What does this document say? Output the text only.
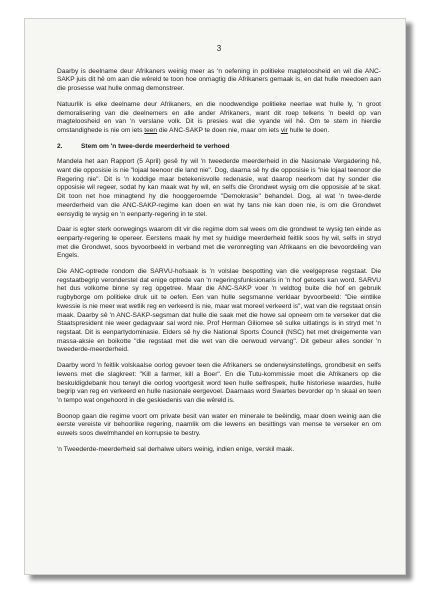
3

Daarby is deelname deur Afrikaners weinig meer as 'n oefening in politieke magteloosheid en wil die ANC-SAKP juis dit hê om aan die wêreld te toon hoe onmagtig die Afrikaners gemaak is, en dat hulle meedoen aan die prosesse wat hulle onmag demonstreer.

Natuurlik is elke deelname deur Afrikaners, en die noodwendige politieke neerlae wat hulle ly, 'n groot demoralisering van die deelnemers en alle ander Afrikaners, want dit roep telkens 'n beeld op van magteloosheid en van 'n verslane volk. Dit is presies wat die vyande wil hê. Om te stem in hierdie omstandighede is nie om iets teen die ANC-SAKP te doen nie, maar om iets vir hulle te doen.

2.	Stem om 'n twee-derde meerderheid te verhoed

Mandela het aan Rapport (5 April) gesê hy wil 'n tweederde meerderheid in die Nasionale Vergadering hê, want die opposisie is nie "lojaal teenoor die land nie". Dog, daarna sê hy die opposisie is "nie lojaal teenoor die Regering nie". Dit is 'n koddige maar betekenisvolle redenasie, wat daarop neerkom dat hy sonder die opposisie wil regeer, sodat hy kan maak wat hy wil, en selfs die Grondwet wysig om die opposisie af te skaf. Dit toon net hoe minagtend hy die hooggeroemde "Demokrasie" behandel. Dog, al wat 'n twee-derde meerderheid van die ANC-SAKP-regime kan doen en wat hy tans nie kan doen nie, is om die Grondwet eensydig te wysig en 'n eenparty-regering in te stel.

Daar is egter sterk oorwegings waarom dit vir die regime dom sal wees om die grondwet te wysig ten einde as eenparty-regering te opereer. Eerstens maak hy met sy huidige meerderheid feitlik soos hy wil, selfs in stryd met die Grondwet, soos byvoorbeeld in verband met die veronregting van Afrikaans en die bevoordeling van Engels.

Die ANC-optrede rondom die SARVU-hofsaak is 'n volslae bespotting van die veelgeprese regstaat. Die regstaatbegrip veronderstel dat enige optrede van 'n regeringsfunksionaris in 'n hof getoets kan word. SARVU het dus volkome binne sy reg opgetree. Maar die ANC-SAKP voer 'n veldtog buite die hof en gebruik rugbyborge om politieke druk uit te oefen. Een van hulle segsmanne verklaar byvoorbeeld: "Die eintlike kwessie is nie meer wat wetlik reg en verkeerd is nie, maar wat moreel verkeerd is", wat van die regstaat onsin maak. Daarby sê 'n ANC-SAKP-segsman dat hulle die saak met die howe sal opneem om te verseker dat die Staatspresident nie weer gedagvaar sal word nie. Prof Herman Giliomee sê sulke uitlatings is in stryd met 'n regstaat. Dit is eenpartydominasie. Elders sê hy die National Sports Council (NSC) het met dreigemente van massa-aksie en boikotte "die regstaat met die wet van die oerwoud vervang". Dit gebeur alles sonder 'n tweederde-meerderheid.

Daarby word 'n feitlik volskaalse oorlog gevoer teen die Afrikaners se onderwysinstellings, grondbesit en selfs lewens met die slagkreet: "Kill a farmer, kill a Boer". En die Tutu-kommissie moet die Afrikaners op die beskuldigdebank hou terwyl die oorlog voortgesit word teen hulle selfrespek, hulle historiese waardes, hulle begrip van reg en verkeerd en hulle nasionale eergevoel. Daarnaas word Swartes bevorder op 'n skaal en teen 'n tempo wat ongehoord in die geskiedenis van die wêreld is.

Boonop gaan die regime voort om private besit van water en minerale te beëindig, maar doen weinig aan die eerste vereiste vir behoorlike regering, naamlik om die lewens en besittings van mense te verseker en om euwels soos dwelmhandel en korrupsie te bestry.

'n Tweederde-meerderheid sal derhalwe uiters weinig, indien enige, verskil maak.
